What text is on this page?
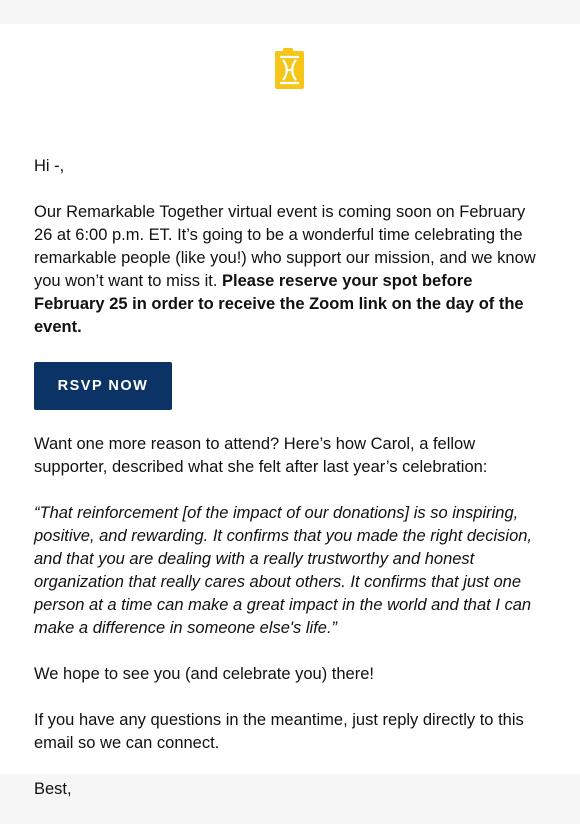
Hi -,

Our Remarkable Together virtual event is coming soon on February 26 at 6:00 p.m. ET. It’s going to be a wonderful time celebrating the remarkable people (like you!) who support our mission, and we know you won’t want to miss it. Please reserve your spot before February 25 in order to receive the Zoom link on the day of the event.

RSVP NOW

Want one more reason to attend? Here’s how Carol, a fellow supporter, described what she felt after last year’s celebration:

“That reinforcement [of the impact of our donations] is so inspiring, positive, and rewarding. It confirms that you made the right decision, and that you are dealing with a really trustworthy and honest organization that really cares about others. It confirms that just one person at a time can make a great impact in the world and that I can make a difference in someone else's life.”

We hope to see you (and celebrate you) there!

If you have any questions in the meantime, just reply directly to this email so we can connect.

Best,
